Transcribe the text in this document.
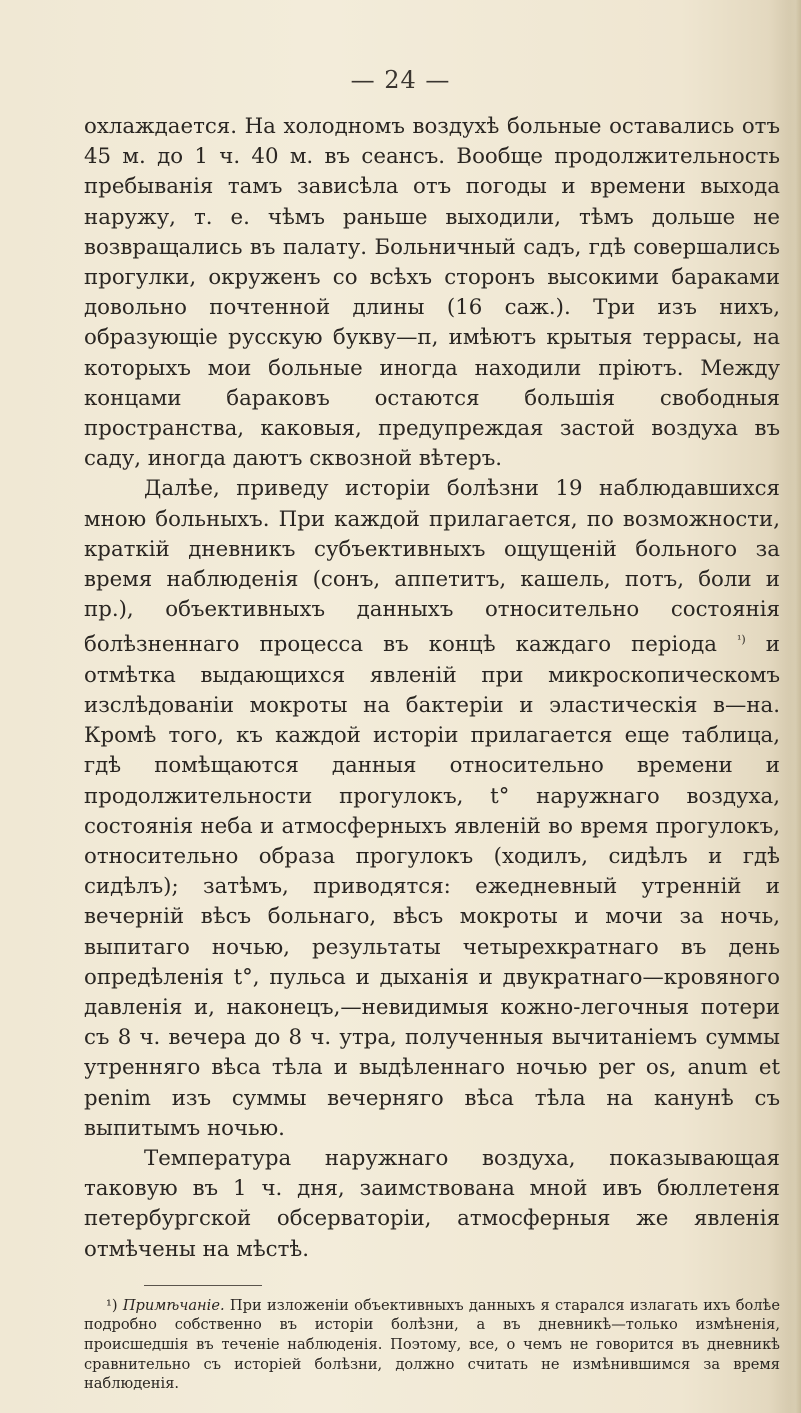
— 24 —

охлаждается. На холодномъ воздухѣ больные оставались отъ 45 м. до 1 ч. 40 м. въ сеансъ. Вообще продолжительность пребыванія тамъ зависѣла отъ погоды и времени выхода наружу, т. е. чѣмъ раньше выходили, тѣмъ дольше не возвращались въ палату. Больничный садъ, гдѣ совершались прогулки, окруженъ со всѣхъ сторонъ высокими бараками довольно почтенной длины (16 саж.). Три изъ нихъ, образующіе русскую букву—п, имѣютъ крытыя террасы, на которыхъ мои больные иногда находили пріютъ. Между концами бараковъ остаются большія свободныя пространства, каковыя, предупреждая застой воздуха въ саду, иногда даютъ сквозной вѣтеръ.

Далѣе, приведу исторіи болѣзни 19 наблюдавшихся мною больныхъ. При каждой прилагается, по возможности, краткій дневникъ субъективныхъ ощущеній больного за время наблюденія (сонъ, аппетитъ, кашель, потъ, боли и пр.), объективныхъ данныхъ относительно состоянія болѣзненнаго процесса въ концѣ каждаго періода $^{^1)}$ и отмѣтка выдающихся явленій при микроскопическомъ изслѣдованіи мокроты на бактеріи и эластическія в—на. Кромѣ того, къ каждой исторіи прилагается еще таблица, гдѣ помѣщаются данныя относительно времени и продолжительности прогулокъ, t° наружнаго воздуха, состоянія неба и атмосферныхъ явленій во время прогулокъ, относительно образа прогулокъ (ходилъ, сидѣлъ и гдѣ сидѣлъ); затѣмъ, приводятся: ежедневный утренній и вечерній вѣсъ больнаго, вѣсъ мокроты и мочи за ночь, выпитаго ночью, результаты четырехкратнаго въ день опредѣленія t°, пульса и дыханія и двукратнаго—кровяного давленія и, наконецъ,—невидимыя кожно-легочныя потери съ 8 ч. вечера до 8 ч. утра, полученныя вычитаніемъ суммы утренняго вѣса тѣла и выдѣленнаго ночью per os, anum et penim изъ суммы вечерняго вѣса тѣла на канунѣ съ выпитымъ ночью.

Температура наружнаго воздуха, показывающая таковую въ 1 ч. дня, заимствована мной ивъ бюллетеня петербургской обсерваторіи, атмосферныя же явленія отмѣчены на мѣстѣ.

¹) Примѣчаніе. При изложеніи объективныхъ данныхъ я старался излагать ихъ болѣе подробно собственно въ исторіи болѣзни, а въ дневникѣ—только измѣненія, происшедшія въ теченіе наблюденія. Поэтому, все, о чемъ не говорится въ дневникѣ сравнительно съ исторіей болѣзни, должно считать не измѣнившимся за время наблюденія.
